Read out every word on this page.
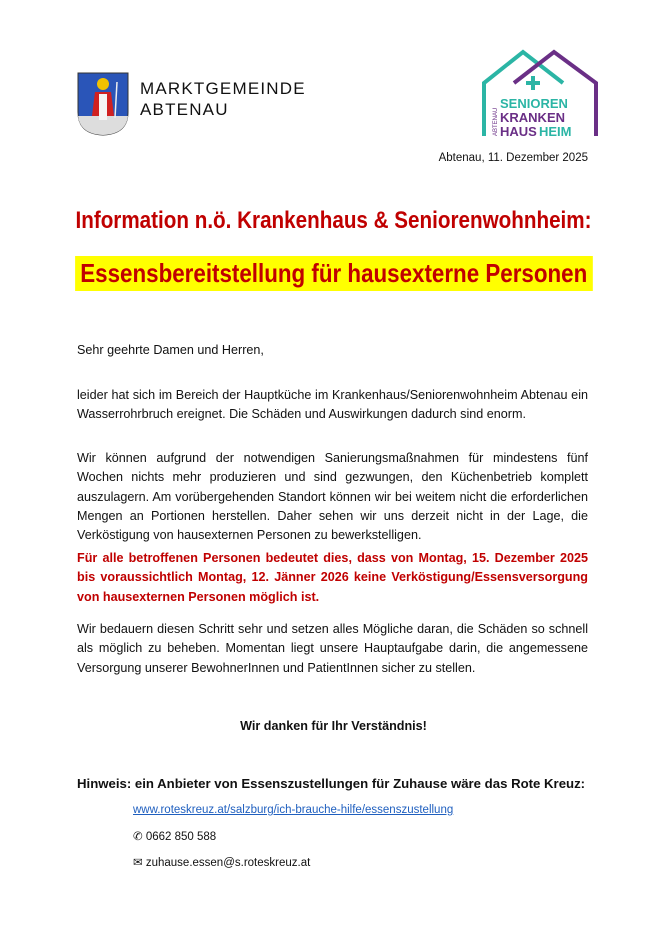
MARKTGEMEINDE
ABTENAU	SENIOREN
KRANKEN
HAUS HEIM
ABTENAU
Abtenau, 11. Dezember 2025
Information n.ö. Krankenhaus & Seniorenwohnheim:
Essensbereitstellung für hausexterne Personen
Sehr geehrte Damen und Herren,
leider hat sich im Bereich der Hauptküche im Krankenhaus/Seniorenwohnheim Abtenau ein Wasserrohrbruch ereignet. Die Schäden und Auswirkungen dadurch sind enorm.
Wir können aufgrund der notwendigen Sanierungsmaßnahmen für mindestens fünf Wochen nichts mehr produzieren und sind gezwungen, den Küchenbetrieb komplett auszulagern. Am vorübergehenden Standort können wir bei weitem nicht die erforderlichen Mengen an Portionen herstellen. Daher sehen wir uns derzeit nicht in der Lage, die Verköstigung von hausexternen Personen zu bewerkstelligen.
Für alle betroffenen Personen bedeutet dies, dass von Montag, 15. Dezember 2025 bis voraussichtlich Montag, 12. Jänner 2026 keine Verköstigung/Essensversorgung von hausexternen Personen möglich ist.
Wir bedauern diesen Schritt sehr und setzen alles Mögliche daran, die Schäden so schnell als möglich zu beheben. Momentan liegt unsere Hauptaufgabe darin, die angemessene Versorgung unserer BewohnerInnen und PatientInnen sicher zu stellen.
Wir danken für Ihr Verständnis!
Hinweis: ein Anbieter von Essenszustellungen für Zuhause wäre das Rote Kreuz:
www.roteskreuz.at/salzburg/ich-brauche-hilfe/essenszustellung
✆ 0662 850 588
✉ zuhause.essen@s.roteskreuz.at
